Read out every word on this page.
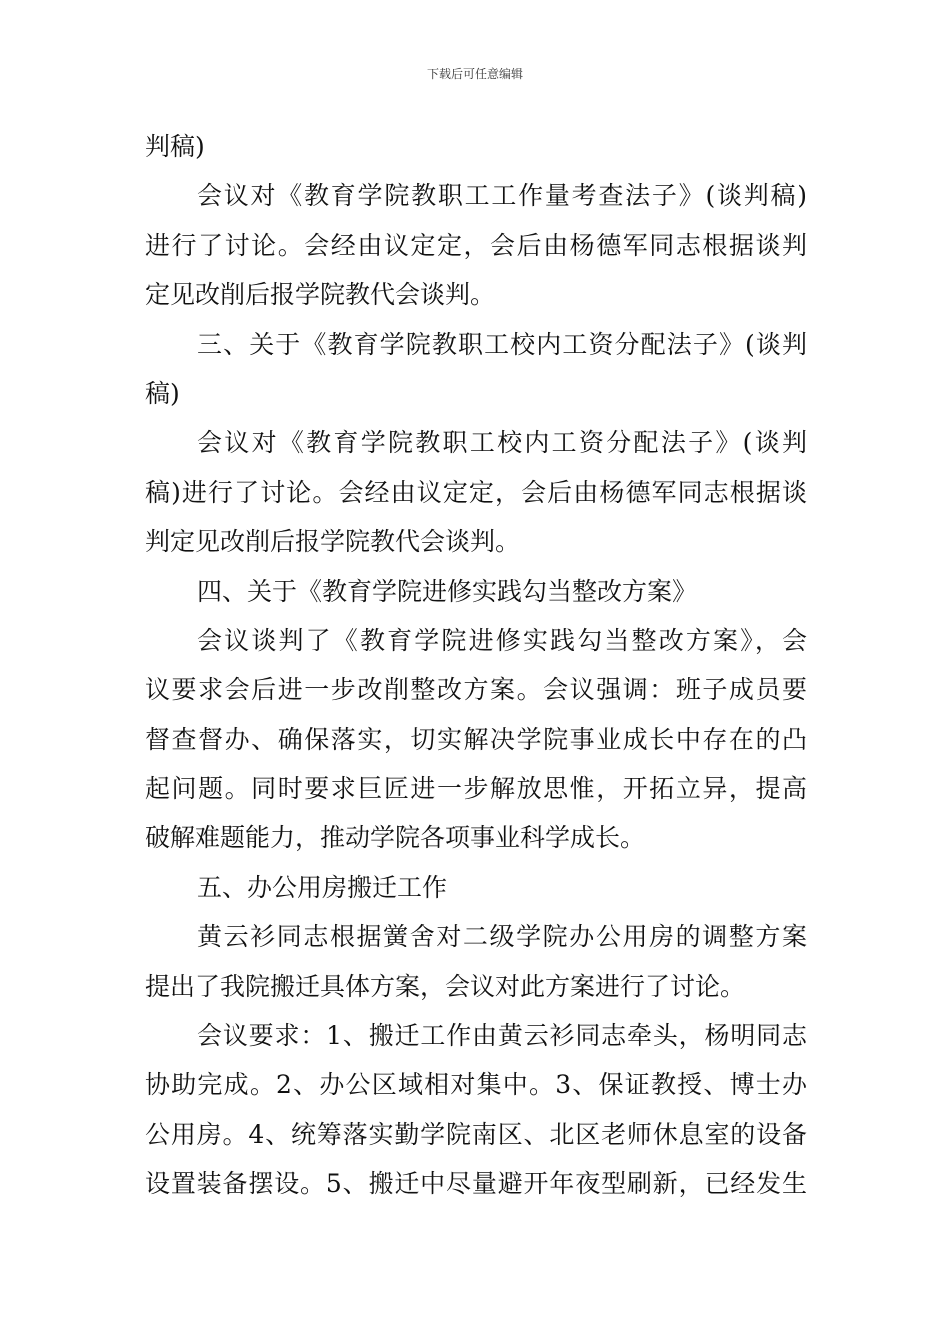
下载后可任意编辑
判稿)
会议对《教育学院教职工工作量考查法子》(谈判稿)
进行了讨论。会经由议定定，会后由杨德军同志根据谈判
定见改削后报学院教代会谈判。
三、关于《教育学院教职工校内工资分配法子》(谈判
稿)
会议对《教育学院教职工校内工资分配法子》(谈判
稿)进行了讨论。会经由议定定，会后由杨德军同志根据谈
判定见改削后报学院教代会谈判。
四、关于《教育学院进修实践勾当整改方案》
会议谈判了《教育学院进修实践勾当整改方案》，会
议要求会后进一步改削整改方案。会议强调：班子成员要
督查督办、确保落实，切实解决学院事业成长中存在的凸
起问题。同时要求巨匠进一步解放思惟，开拓立异，提高
破解难题能力，推动学院各项事业科学成长。
五、办公用房搬迁工作
黄云衫同志根据黉舍对二级学院办公用房的调整方案
提出了我院搬迁具体方案，会议对此方案进行了讨论。
会议要求：1、搬迁工作由黄云衫同志牵头，杨明同志
协助完成。2、办公区域相对集中。3、保证教授、博士办
公用房。4、统筹落实勤学院南区、北区老师休息室的设备
设置装备摆设。5、搬迁中尽量避开年夜型刷新，已经发生
